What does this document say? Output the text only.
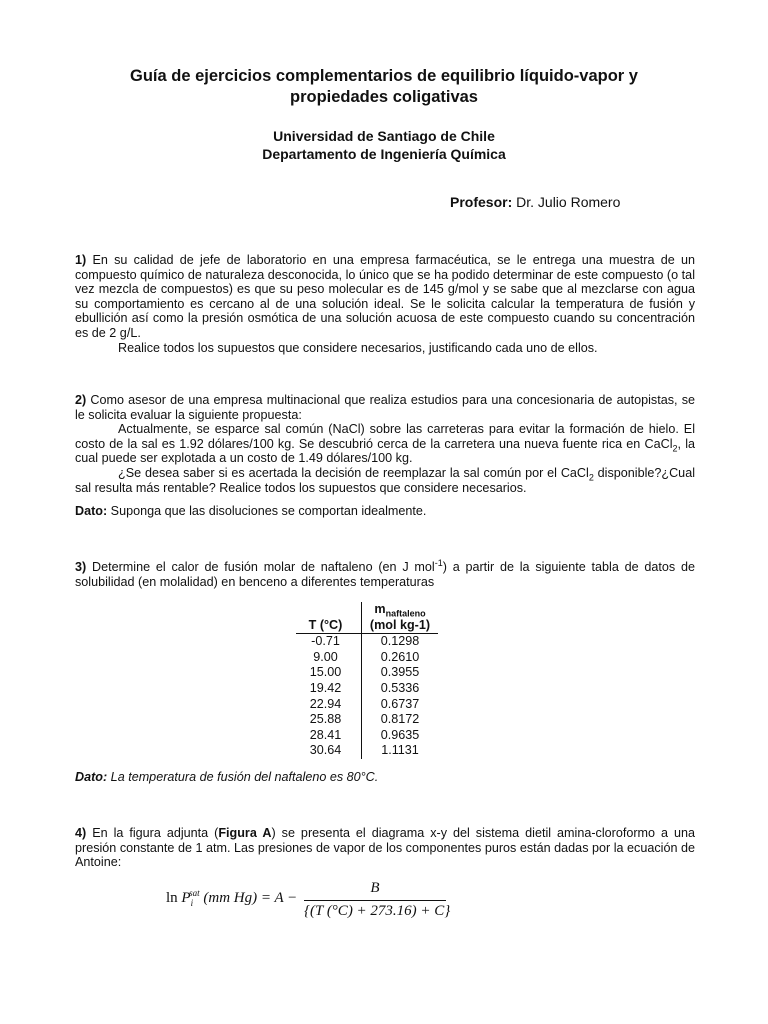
Guía de ejercicios complementarios de equilibrio líquido-vapor y
propiedades coligativas
Universidad de Santiago de Chile
Departamento de Ingeniería Química
Profesor: Dr. Julio Romero
1) En su calidad de jefe de laboratorio en una empresa farmacéutica, se le entrega una muestra de un compuesto químico de naturaleza desconocida, lo único que se ha podido determinar de este compuesto (o tal vez mezcla de compuestos) es que su peso molecular es de 145 g/mol y se sabe que al mezclarse con agua su comportamiento es cercano al de una solución ideal. Se le solicita calcular la temperatura de fusión y ebullición así como la presión osmótica de una solución acuosa de este compuesto cuando su concentración es de 2 g/L.
Realice todos los supuestos que considere necesarios, justificando cada uno de ellos.
2) Como asesor de una empresa multinacional que realiza estudios para una concesionaria de autopistas, se le solicita evaluar la siguiente propuesta:
Actualmente, se esparce sal común (NaCl) sobre las carreteras para evitar la formación de hielo. El costo de la sal es 1.92 dólares/100 kg. Se descubrió cerca de la carretera una nueva fuente rica en CaCl$_2$, la cual puede ser explotada a un costo de 1.49 dólares/100 kg.
¿Se desea saber si es acertada la decisión de reemplazar la sal común por el CaCl$_2$ disponible?¿Cual sal resulta más rentable? Realice todos los supuestos que considere necesarios.
Dato: Suponga que las disoluciones se comportan idealmente.
3) Determine el calor de fusión molar de naftaleno (en J mol$^{-1}$) a partir de la siguiente tabla de datos de solubilidad (en molalidad) en benceno a diferentes temperaturas
T (°C)	$m_{naftaleno}$
(mol kg-1)

-0.71	0.1298
9.00	0.2610
15.00	0.3955
19.42	0.5336
22.94	0.6737
25.88	0.8172
28.41	0.9635
30.64	1.1131
Dato: La temperatura de fusión del naftaleno es 80°C.
4) En la figura adjunta (Figura A) se presenta el diagrama x-y del sistema dietil amina-cloroformo a una presión constante de 1 atm. Las presiones de vapor de los componentes puros están dadas por la ecuación de Antoine:
$\ln P_i^{sat}$ (mm Hg) = A −
B
{(T (°C) + 273.16) + C}
